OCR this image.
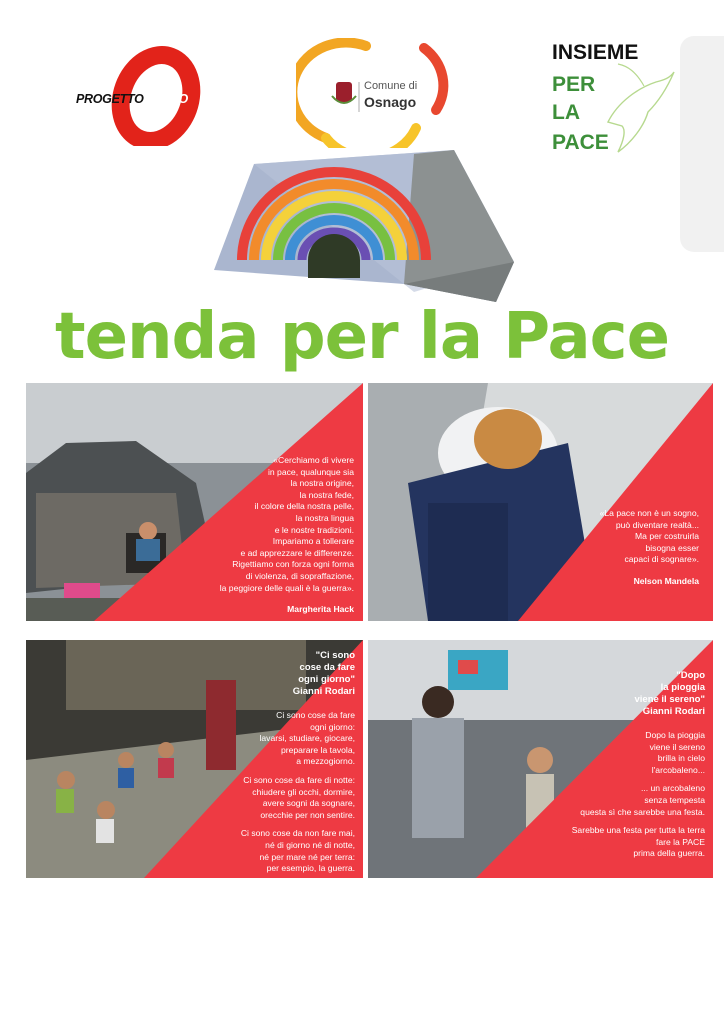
PROGETTOSNAGO
Comune di
Osnago
INSIEME
PER
LA
PACE
tenda per la Pace
«Cerchiamo di vivere
in pace, qualunque sia
la nostra origine,
la nostra fede,
il colore della nostra pelle,
la nostra lingua
e le nostre tradizioni.
Impariamo a tollerare
e ad apprezzare le differenze.
Rigettiamo con forza ogni forma
di violenza, di sopraffazione,
la peggiore delle quali è la guerra».
Margherita Hack
«La pace non è un sogno,
può diventare realtà...
Ma per costruirla
bisogna esser
capaci di sognare».
Nelson Mandela

"Ci sono
cose da fare
ogni giorno"
Gianni Rodari

Ci sono cose da fare
ogni giorno:
lavarsi, studiare, giocare,
preparare la tavola,
a mezzogiorno.

Ci sono cose da fare di notte:
chiudere gli occhi, dormire,
avere sogni da sognare,
orecchie per non sentire.

Ci sono cose da non fare mai,
né di giorno né di notte,
né per mare né per terra:
per esempio, la guerra.

"Dopo
la pioggia
viene il sereno"
Gianni Rodari

Dopo la pioggia
viene il sereno
brilla in cielo
l'arcobaleno...

... un arcobaleno
senza tempesta
questa sì che sarebbe una festa.

Sarebbe una festa per tutta la terra
fare la PACE
prima della guerra.
